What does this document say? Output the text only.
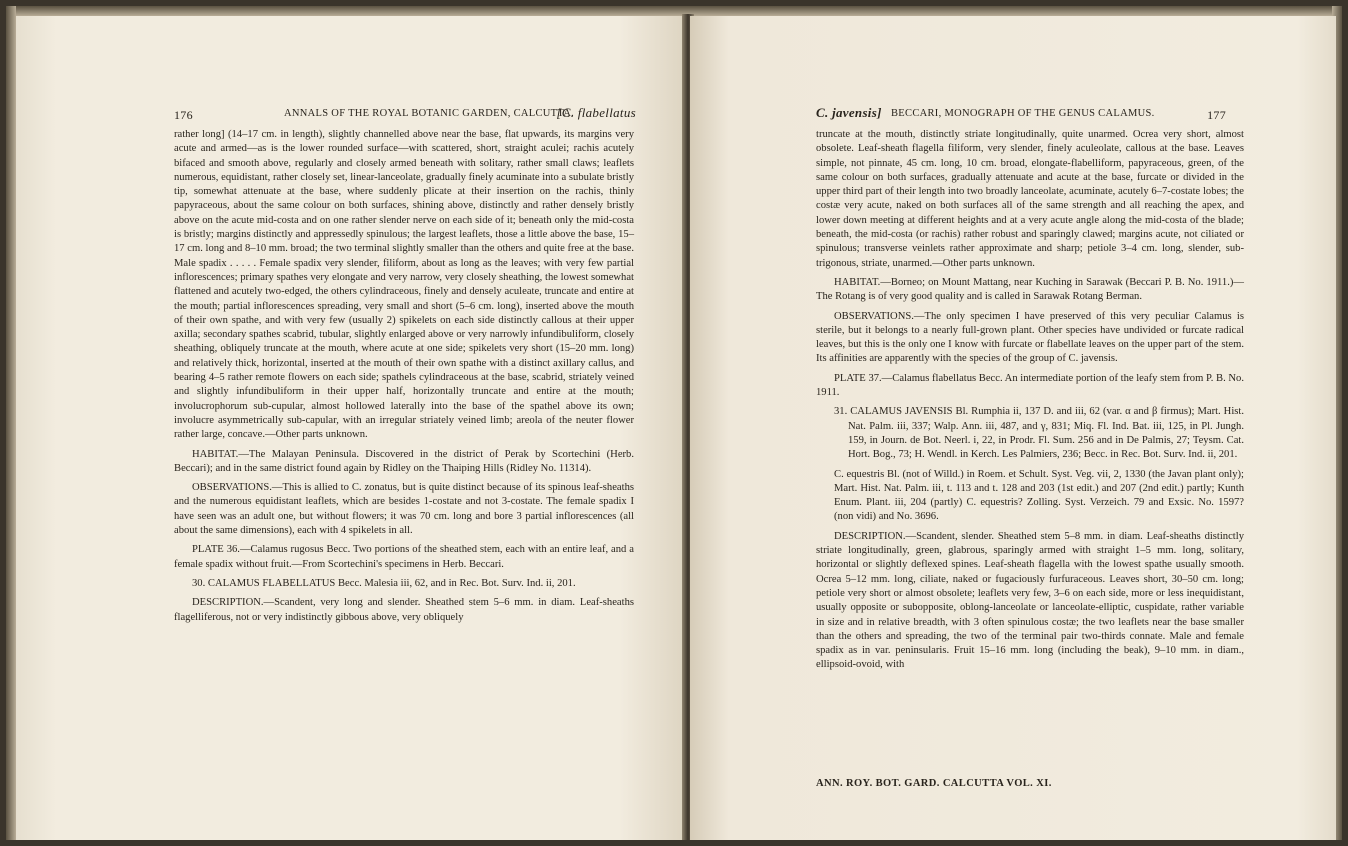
176	ANNALS OF THE ROYAL BOTANIC GARDEN, CALCUTTA.
[C. flabellatus

rather long] (14–17 cm. in length), slightly channelled above near the base, flat upwards, its margins very acute and armed—as is the lower rounded surface—with scattered, short, straight aculei; rachis acutely bifaced and smooth above, regularly and closely armed beneath with solitary, rather small claws; leaflets numerous, equidistant, rather closely set, linear-lanceolate, gradually finely acuminate into a subulate bristly tip, somewhat attenuate at the base, where suddenly plicate at their insertion on the rachis, thinly papyraceous, about the same colour on both surfaces, shining above, distinctly and rather densely bristly above on the acute mid-costa and on one rather slender nerve on each side of it; beneath only the mid-costa is bristly; margins distinctly and appressedly spinulous; the largest leaflets, those a little above the base, 15–17 cm. long and 8–10 mm. broad; the two terminal slightly smaller than the others and quite free at the base. Male spadix . . . . . Female spadix very slender, filiform, about as long as the leaves; with very few partial inflorescences; primary spathes very elongate and very narrow, very closely sheathing, the lowest somewhat flattened and acutely two-edged, the others cylindraceous, finely and densely aculeate, truncate and entire at the mouth; partial inflorescences spreading, very small and short (5–6 cm. long), inserted above the mouth of their own spathe, and with very few (usually 2) spikelets on each side distinctly callous at their upper axilla; secondary spathes scabrid, tubular, slightly enlarged above or very narrowly infundibuliform, closely sheathing, obliquely truncate at the mouth, where acute at one side; spikelets very short (15–20 mm. long) and relatively thick, horizontal, inserted at the mouth of their own spathe with a distinct axillary callus, and bearing 4–5 rather remote flowers on each side; spathels cylindraceous at the base, scabrid, striately veined and slightly infundibuliform in their upper half, horizontally truncate and entire at the mouth; involucrophorum sub-cupular, almost hollowed laterally into the base of the spathel above its own; involucre asymmetrically sub-capular, with an irregular striately veined limb; areola of the neuter flower rather large, concave.—Other parts unknown.

HABITAT.—The Malayan Peninsula. Discovered in the district of Perak by Scortechini (Herb. Beccari); and in the same district found again by Ridley on the Thaiping Hills (Ridley No. 11314).

OBSERVATIONS.—This is allied to C. zonatus, but is quite distinct because of its spinous leaf-sheaths and the numerous equidistant leaflets, which are besides 1-costate and not 3-costate. The female spadix I have seen was an adult one, but without flowers; it was 70 cm. long and bore 3 partial inflorescences (all about the same dimensions), each with 4 spikelets in all.

PLATE 36.—Calamus rugosus Becc. Two portions of the sheathed stem, each with an entire leaf, and a female spadix without fruit.—From Scortechini's specimens in Herb. Beccari.

30. CALAMUS FLABELLATUS Becc. Malesia iii, 62, and in Rec. Bot. Surv. Ind. ii, 201.

DESCRIPTION.—Scandent, very long and slender. Sheathed stem 5–6 mm. in diam. Leaf-sheaths flagelliferous, not or very indistinctly gibbous above, very obliquely

C. javensis] BECCARI, MONOGRAPH OF THE GENUS CALAMUS.	177

truncate at the mouth, distinctly striate longitudinally, quite unarmed. Ocrea very short, almost obsolete. Leaf-sheath flagella filiform, very slender, finely aculeolate, callous at the base. Leaves simple, not pinnate, 45 cm. long, 10 cm. broad, elongate-flabelliform, papyraceous, green, of the same colour on both surfaces, gradually attenuate and acute at the base, furcate or divided in the upper third part of their length into two broadly lanceolate, acuminate, acutely 6–7-costate lobes; the costæ very acute, naked on both surfaces all of the same strength and all reaching the apex, and lower down meeting at different heights and at a very acute angle along the mid-costa of the blade; beneath, the mid-costa (or rachis) rather robust and sparingly clawed; margins acute, not ciliated or spinulous; transverse veinlets rather approximate and sharp; petiole 3–4 cm. long, slender, sub-trigonous, striate, unarmed.—Other parts unknown.

HABITAT.—Borneo; on Mount Mattang, near Kuching in Sarawak (Beccari P. B. No. 1911.)—The Rotang is of very good quality and is called in Sarawak Rotang Berman.

OBSERVATIONS.—The only specimen I have preserved of this very peculiar Calamus is sterile, but it belongs to a nearly full-grown plant. Other species have undivided or furcate radical leaves, but this is the only one I know with furcate or flabellate leaves on the upper part of the stem. Its affinities are apparently with the species of the group of C. javensis.

PLATE 37.—Calamus flabellatus Becc. An intermediate portion of the leafy stem from P. B. No. 1911.

31. CALAMUS JAVENSIS Bl. Rumphia ii, 137 D. and iii, 62 (var. α and β firmus); Mart. Hist. Nat. Palm. iii, 337; Walp. Ann. iii, 487, and γ, 831; Miq. Fl. Ind. Bat. iii, 125, in Pl. Jungh. 159, in Journ. de Bot. Neerl. i, 22, in Prodr. Fl. Sum. 256 and in De Palmis, 27; Teysm. Cat. Hort. Bog., 73; H. Wendl. in Kerch. Les Palmiers, 236; Becc. in Rec. Bot. Surv. Ind. ii, 201.

C. equestris Bl. (not of Willd.) in Roem. et Schult. Syst. Veg. vii, 2, 1330 (the Javan plant only); Mart. Hist. Nat. Palm. iii, t. 113 and t. 128 and 203 (1st edit.) and 207 (2nd edit.) partly; Kunth Enum. Plant. iii, 204 (partly) C. equestris? Zolling. Syst. Verzeich. 79 and Exsic. No. 1597? (non vidi) and No. 3696.

DESCRIPTION.—Scandent, slender. Sheathed stem 5–8 mm. in diam. Leaf-sheaths distinctly striate longitudinally, green, glabrous, sparingly armed with straight 1–5 mm. long, solitary, horizontal or slightly deflexed spines. Leaf-sheath flagella with the lowest spathe usually smooth. Ocrea 5–12 mm. long, ciliate, naked or fugaciously furfuraceous. Leaves short, 30–50 cm. long; petiole very short or almost obsolete; leaflets very few, 3–6 on each side, more or less inequidistant, usually opposite or subopposite, oblong-lanceolate or lanceolate-elliptic, cuspidate, rather variable in size and in relative breadth, with 3 often spinulous costæ; the two leaflets near the base smaller than the others and spreading, the two of the terminal pair two-thirds connate. Male and female spadix as in var. peninsularis. Fruit 15–16 mm. long (including the beak), 9–10 mm. in diam., ellipsoid-ovoid, with

ANN. ROY. BOT. GARD. CALCUTTA VOL. XI.
